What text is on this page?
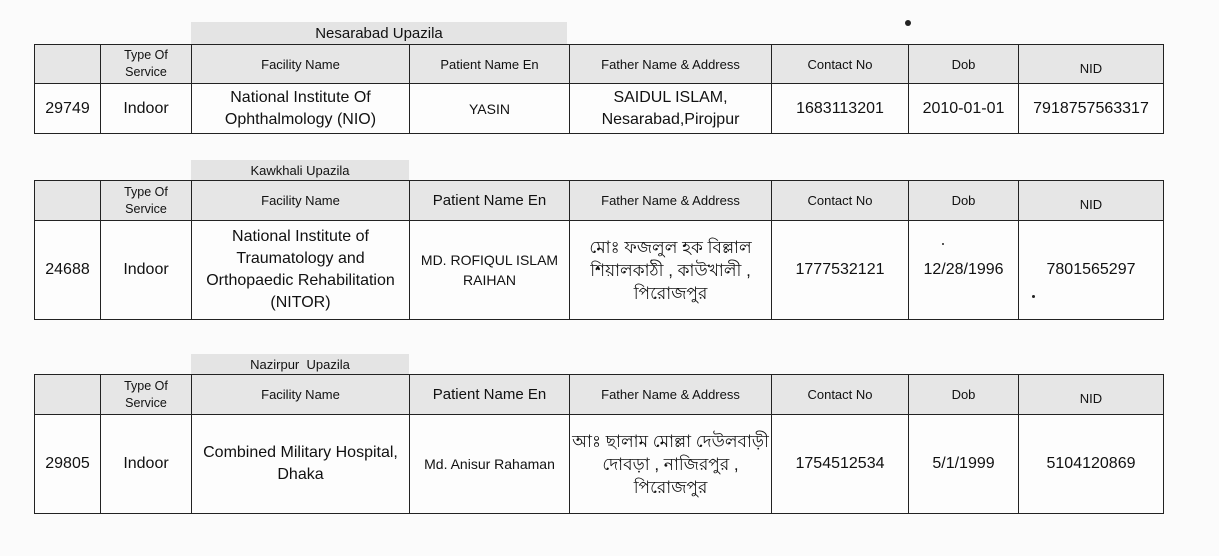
Nesarabad Upazila
	Type Of Service	Facility Name	Patient Name En	Father Name & Address	Contact No	Dob	NID
29749	Indoor	National Institute Of Ophthalmology (NIO)	YASIN	SAIDUL ISLAM, Nesarabad,Pirojpur	1683113201	2010-01-01	7918757563317
Kawkhali Upazila
	Type Of Service	Facility Name	Patient Name En	Father Name & Address	Contact No	Dob	NID
24688	Indoor	National Institute of Traumatology and Orthopaedic Rehabilitation (NITOR)	MD. ROFIQUL ISLAM RAIHAN	মোঃ ফজলুল হক বিল্লাল শিয়ালকাঠী , কাউখালী , পিরোজপুর	1777532121	12/28/1996	7801565297
Nazirpur  Upazila
	Type Of Service	Facility Name	Patient Name En	Father Name & Address	Contact No	Dob	NID
29805	Indoor	Combined Military Hospital, Dhaka	Md. Anisur Rahaman	আঃ ছালাম মোল্লা দেউলবাড়ী দোবড়া , নাজিরপুর , পিরোজপুর	1754512534	5/1/1999	5104120869
